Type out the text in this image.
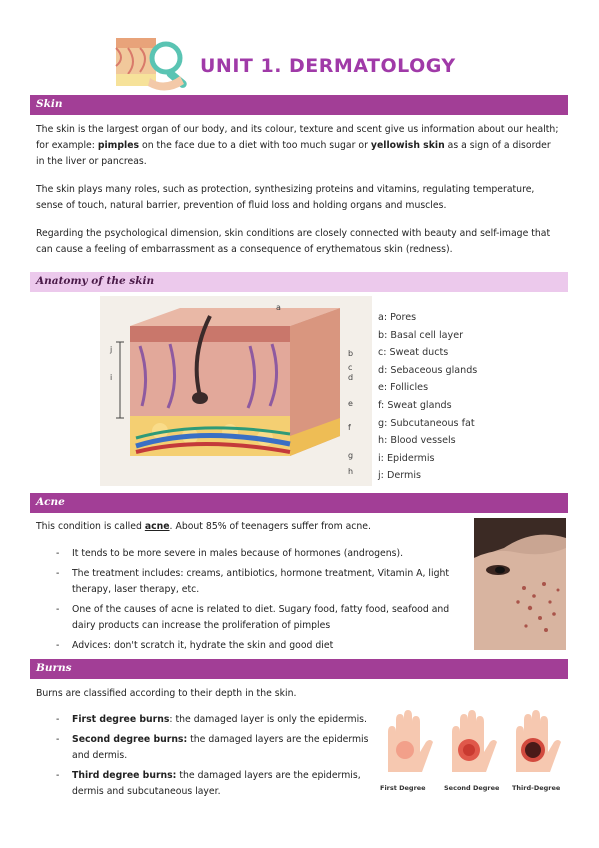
UNIT 1. DERMATOLOGY
Skin
The skin is the largest organ of our body, and its colour, texture and scent give us information about our health; for example: pimples on the face due to a diet with too much sugar or yellowish skin as a sign of a disorder in the liver or pancreas.
The skin plays many roles, such as protection, synthesizing proteins and vitamins, regulating temperature, sense of touch, natural barrier, prevention of fluid loss and holding organs and muscles.
Regarding the psychological dimension, skin conditions are closely connected with beauty and self-image that can cause a feeling of embarrassment as a consequence of erythematous skin (redness).
Anatomy of the skin
a
b
c
d
e
f
g
h
i
j
a: Pores
b: Basal cell layer
c: Sweat ducts
d: Sebaceous glands
e: Follicles
f: Sweat glands
g: Subcutaneous fat
h: Blood vessels
i: Epidermis
j: Dermis
Acne
This condition is called acne. About 85% of teenagers suffer from acne.
- It tends to be more severe in males because of hormones (androgens).
- The treatment includes: creams, antibiotics, hormone treatment, Vitamin A, light therapy, laser therapy, etc.
- One of the causes of acne is related to diet. Sugary food, fatty food, seafood and dairy products can increase the proliferation of pimples
- Advices: don't scratch it, hydrate the skin and good diet
Burns
Burns are classified according to their depth in the skin.
- First degree burns: the damaged layer is only the epidermis.
- Second degree burns: the damaged layers are the epidermis and dermis.
- Third degree burns: the damaged layers are the epidermis, dermis and subcutaneous layer.	First Degree	Second Degree Third-Degree
